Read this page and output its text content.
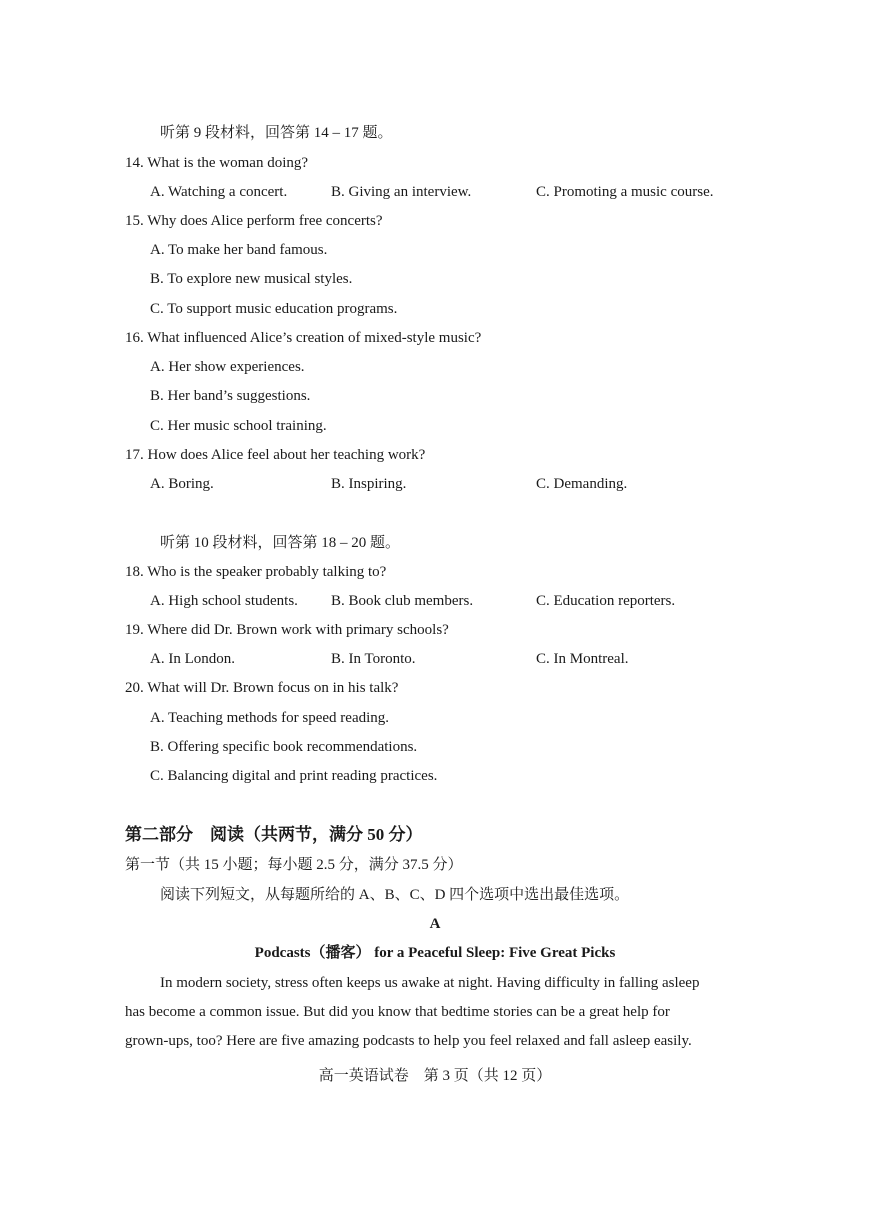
听第 9 段材料，回答第 14 – 17 题。
14. What is the woman doing?
A. Watching a concert.	B. Giving an interview.	C. Promoting a music course.
15. Why does Alice perform free concerts?
A. To make her band famous.
B. To explore new musical styles.
C. To support music education programs.
16. What influenced Alice’s creation of mixed-style music?
A. Her show experiences.
B. Her band’s suggestions.
C. Her music school training.
17. How does Alice feel about her teaching work?
A. Boring.	B. Inspiring.	C. Demanding.
听第 10 段材料，回答第 18 – 20 题。
18. Who is the speaker probably talking to?
A. High school students. B. Book club members.	C. Education reporters.
19. Where did Dr. Brown work with primary schools?
A. In London.	B. In Toronto.	C. In Montreal.
20. What will Dr. Brown focus on in his talk?
A. Teaching methods for speed reading.
B. Offering specific book recommendations.
C. Balancing digital and print reading practices.
第二部分　阅读（共两节，满分 50 分）
第一节（共 15 小题；每小题 2.5 分，满分 37.5 分）
阅读下列短文，从每题所给的 A、B、C、D 四个选项中选出最佳选项。
A
Podcasts（播客） for a Peaceful Sleep: Five Great Picks
In modern society, stress often keeps us awake at night. Having difficulty in falling asleep
has become a common issue. But did you know that bedtime stories can be a great help for
grown-ups, too? Here are five amazing podcasts to help you feel relaxed and fall asleep easily.
高一英语试卷　第 3 页（共 12 页）
